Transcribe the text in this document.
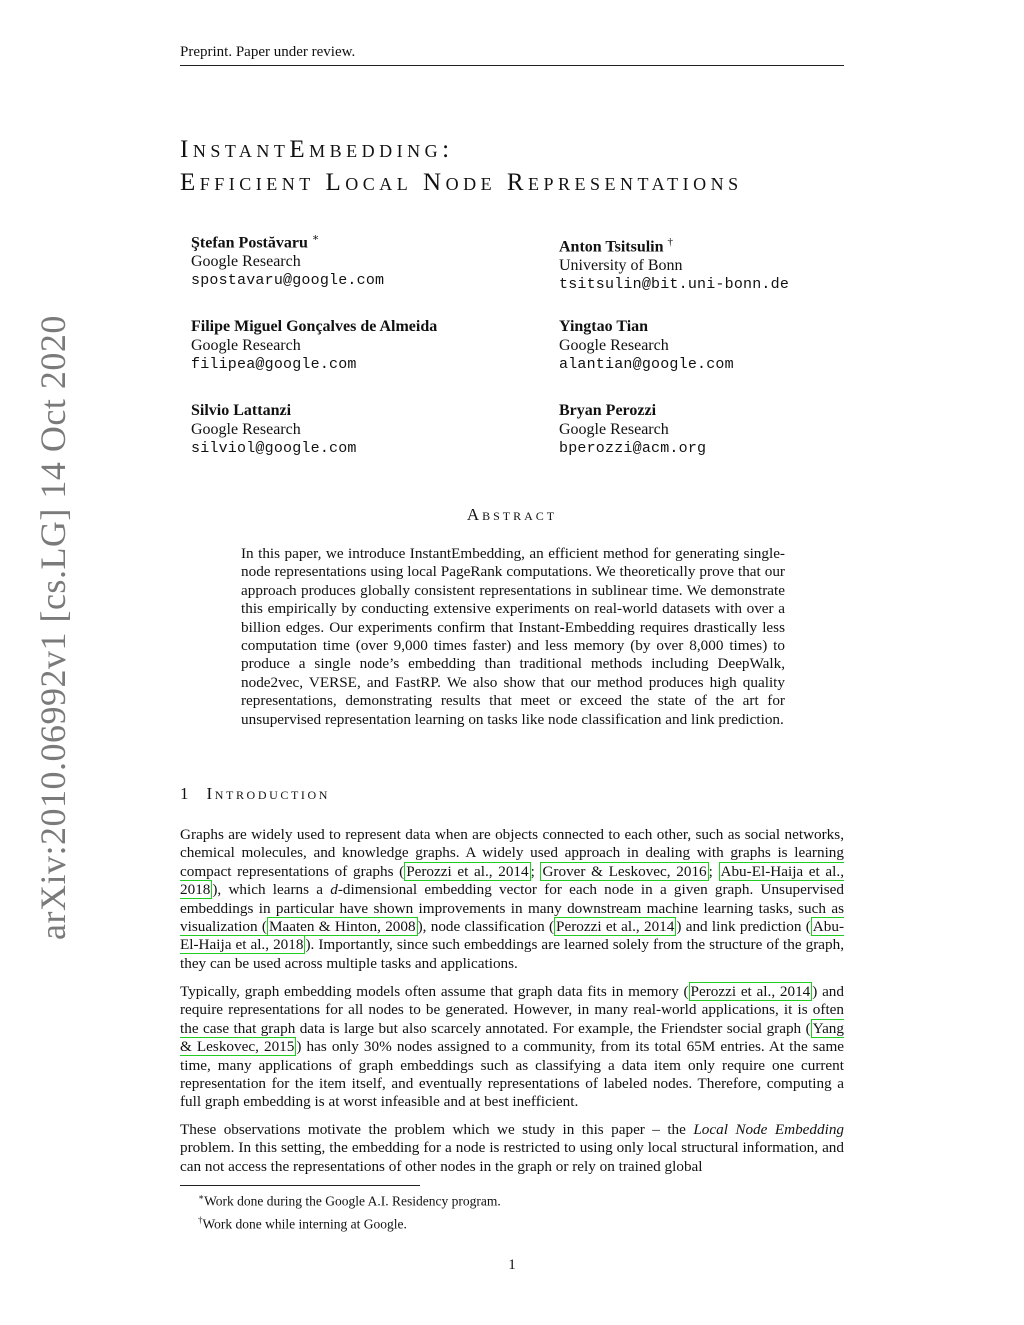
Preprint. Paper under review.
InstantEmbedding:
Efficient Local Node Representations
Ştefan Postăvaru ∗
Google Research
spostavaru@google.com
Anton Tsitsulin †
University of Bonn
tsitsulin@bit.uni-bonn.de
Filipe Miguel Gonçalves de Almeida
Google Research
filipea@google.com
Yingtao Tian
Google Research
alantian@google.com
Silvio Lattanzi
Google Research
silviol@google.com
Bryan Perozzi
Google Research
bperozzi@acm.org
arXiv:2010.06992v1 [cs.LG] 14 Oct 2020	Abstract
In this paper, we introduce InstantEmbedding, an efficient method for generating single-node representations using local PageRank computations. We theoretically prove that our approach produces globally consistent representations in sublinear time. We demonstrate this empirically by conducting extensive experiments on real-world datasets with over a billion edges. Our experiments confirm that Instant-Embedding requires drastically less computation time (over 9,000 times faster) and less memory (by over 8,000 times) to produce a single node’s embedding than traditional methods including DeepWalk, node2vec, VERSE, and FastRP. We also show that our method produces high quality representations, demonstrating results that meet or exceed the state of the art for unsupervised representation learning on tasks like node classification and link prediction.
1 Introduction
Graphs are widely used to represent data when are objects connected to each other, such as social networks, chemical molecules, and knowledge graphs. A widely used approach in dealing with graphs is learning compact representations of graphs ( Perozzi et al., 2014 ; Grover & Leskovec, 2016 ; Abu-El-Haija et al., 2018 ), which learns a d-dimensional embedding vector for each node in a given graph. Unsupervised embeddings in particular have shown improvements in many downstream machine learning tasks, such as visualization ( Maaten & Hinton, 2008 ), node classification ( Perozzi et al., 2014 ) and link prediction ( Abu-El-Haija et al., 2018 ). Importantly, since such embeddings are learned solely from the structure of the graph, they can be used across multiple tasks and applications.
Typically, graph embedding models often assume that graph data fits in memory ( Perozzi et al., 2014 ) and require representations for all nodes to be generated. However, in many real-world applications, it is often the case that graph data is large but also scarcely annotated. For example, the Friendster social graph ( Yang & Leskovec, 2015 ) has only 30% nodes assigned to a community, from its total 65M entries. At the same time, many applications of graph embeddings such as classifying a data item only require one current representation for the item itself, and eventually representations of labeled nodes. Therefore, computing a full graph embedding is at worst infeasible and at best inefficient.
These observations motivate the problem which we study in this paper – the Local Node Embedding problem. In this setting, the embedding for a node is restricted to using only local structural information, and can not access the representations of other nodes in the graph or rely on trained global
∗Work done during the Google A.I. Residency program.
†Work done while interning at Google.
1
